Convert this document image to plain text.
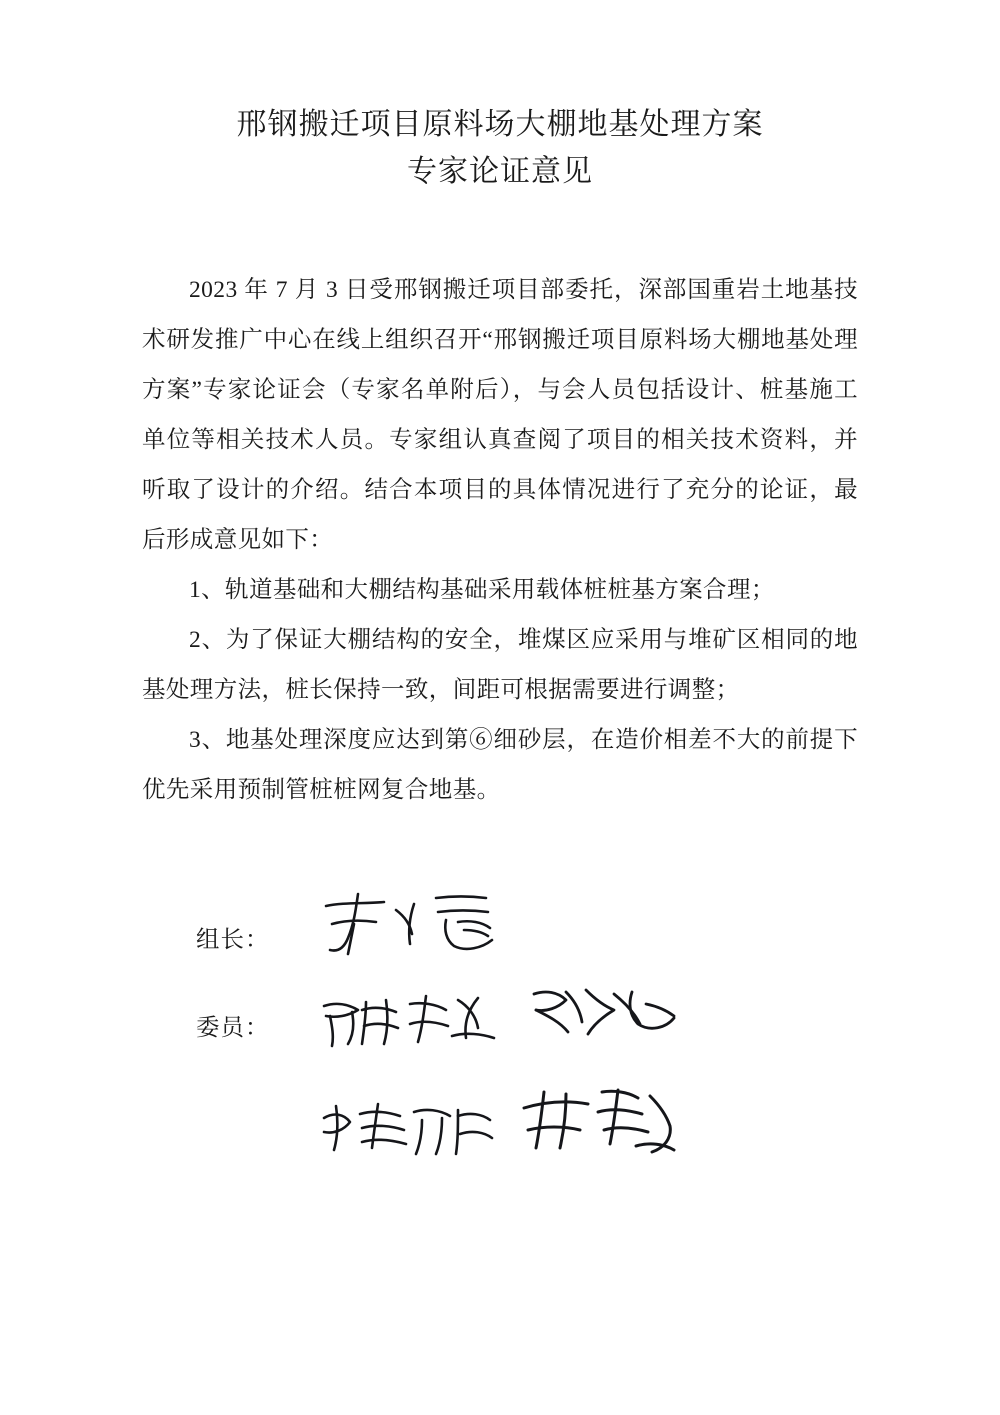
邢钢搬迁项目原料场大棚地基处理方案
专家论证意见

2023 年 7 月 3 日受邢钢搬迁项目部委托，深部国重岩土地基技术研发推广中心在线上组织召开“邢钢搬迁项目原料场大棚地基处理方案”专家论证会（专家名单附后），与会人员包括设计、桩基施工单位等相关技术人员。专家组认真查阅了项目的相关技术资料，并听取了设计的介绍。结合本项目的具体情况进行了充分的论证，最后形成意见如下：

1、轨道基础和大棚结构基础采用载体桩桩基方案合理；

2、为了保证大棚结构的安全，堆煤区应采用与堆矿区相同的地基处理方法，桩长保持一致，间距可根据需要进行调整；

3、地基处理深度应达到第⑥细砂层，在造价相差不大的前提下优先采用预制管桩桩网复合地基。

组长：
委员：
